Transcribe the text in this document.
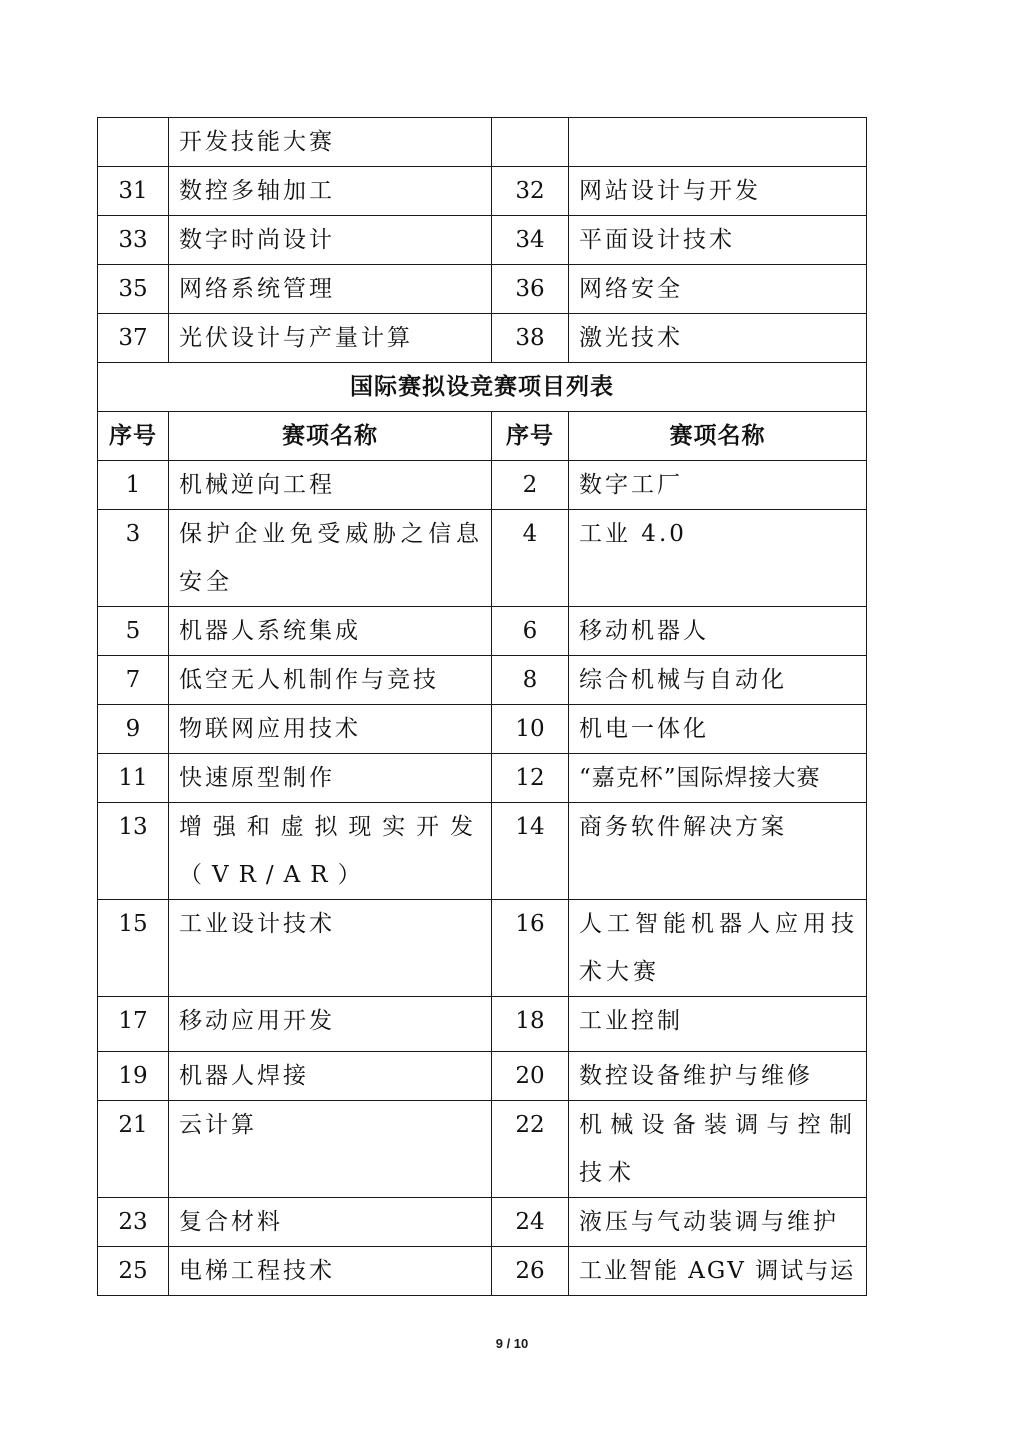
	开发技能大赛		
31	数控多轴加工	32	网站设计与开发
33	数字时尚设计	34	平面设计技术
35	网络系统管理	36	网络安全
37	光伏设计与产量计算	38	激光技术
国际赛拟设竞赛项目列表			
序号	赛项名称	序号	赛项名称
1	机械逆向工程	2	数字工厂
3	保护企业免受威胁之信息安全	4	工业 4.0
5	机器人系统集成	6	移动机器人
7	低空无人机制作与竞技	8	综合机械与自动化
9	物联网应用技术	10	机电一体化
11	快速原型制作	12	“嘉克杯”国际焊接大赛
13	增强和虚拟现实开发（VR/AR）	14	商务软件解决方案
15	工业设计技术	16	人工智能机器人应用技术大赛
17	移动应用开发	18	工业控制
19	机器人焊接	20	数控设备维护与维修
21	云计算	22	机械设备装调与控制技术
23	复合材料	24	液压与气动装调与维护
25	电梯工程技术	26	工业智能 AGV 调试与运
9 / 10
